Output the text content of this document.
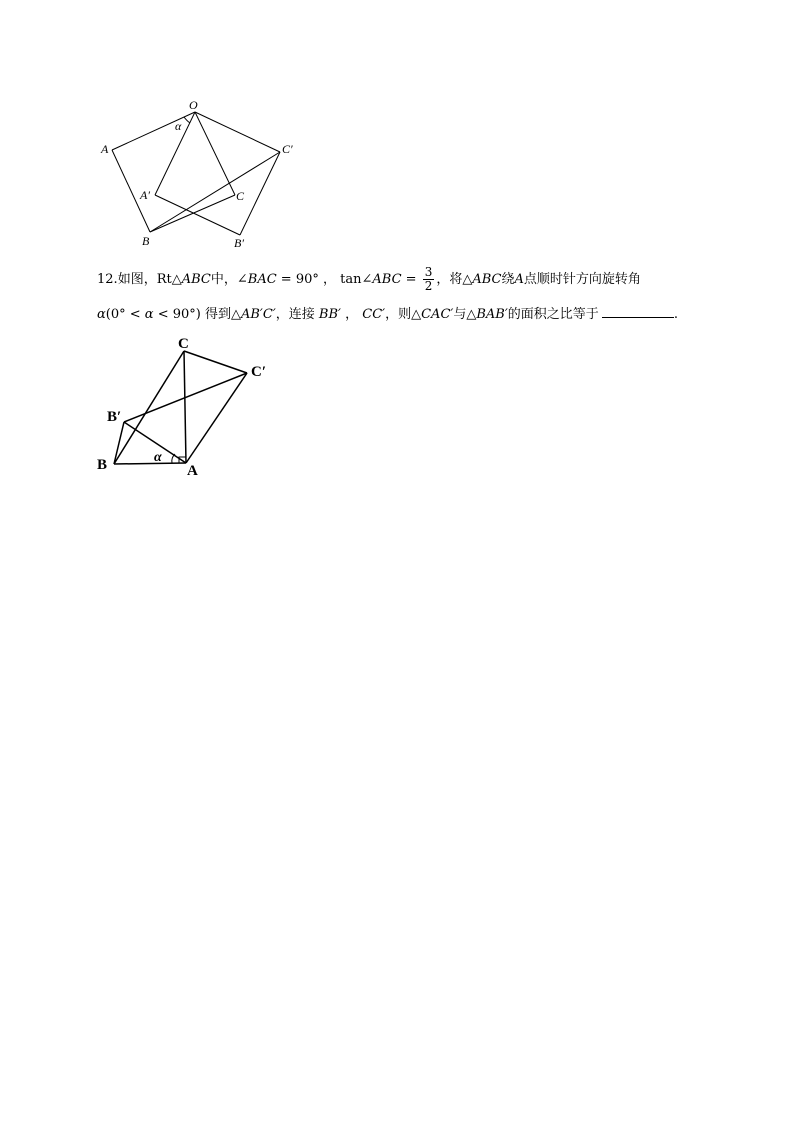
O
α
A	C′
A′	C
B	B′
12.如图，Rt△ABC中，∠BAC = 90° ， tan∠ABC = $\frac{3}{2}$ ，将△ABC绕A点顺时针方向旋转角
α(0° < α < 90°) 得到△AB′C′，连接 BB′ ， CC′，则△CAC′与△BAB′的面积之比等于	.
C
C′
B′
B	α
A
